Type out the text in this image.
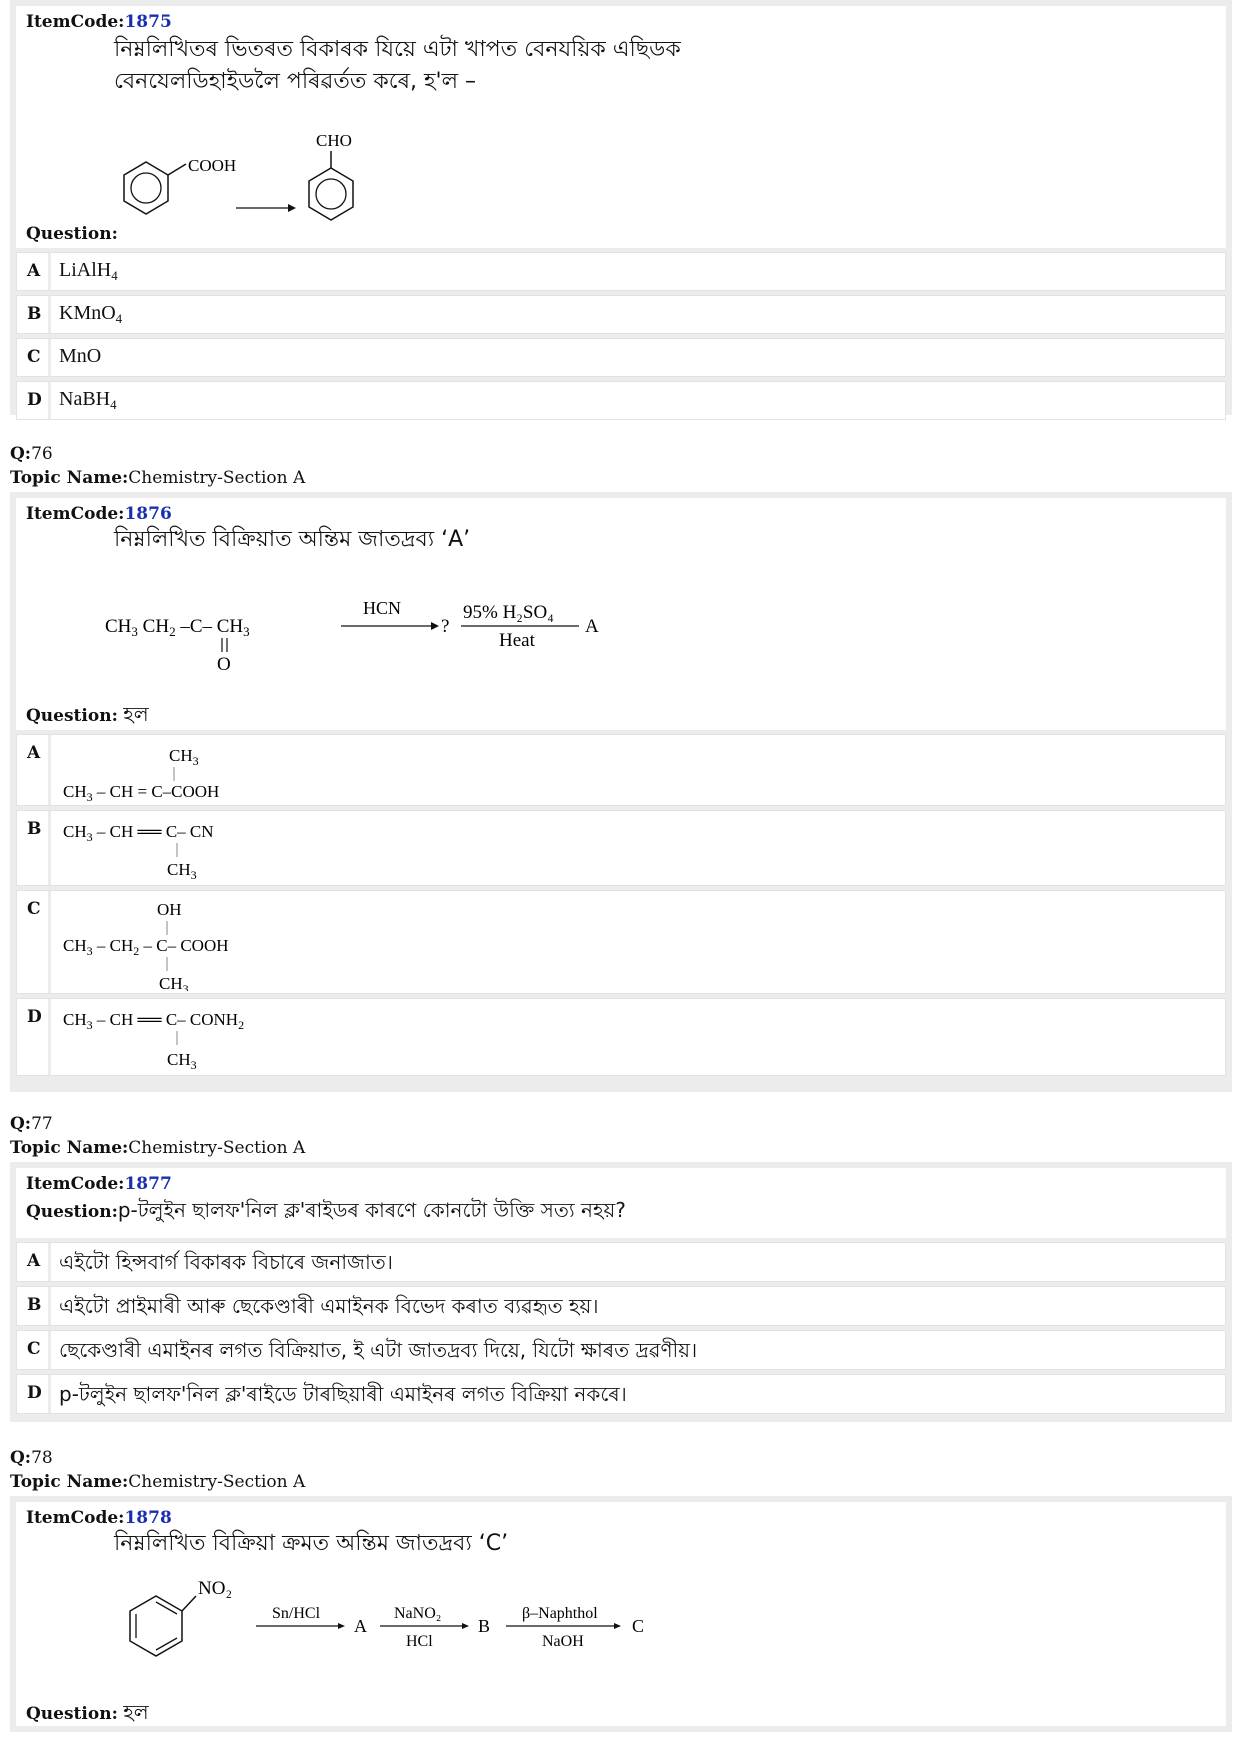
ItemCode:1875
নিম্নলিখিতৰ ভিতৰত বিকাৰক যিয়ে এটা খাপত বেনযয়িক এছিডক
বেনযেলডিহাইডলৈ পৰিৱৰ্তত কৰে, হ'ল –
COOH
CHO
Question:
A LiAlH$_4$
B KMnO$_4$
C MnO
D NaBH$_4$
Q:76
Topic Name:Chemistry-Section A
ItemCode:1876
নিম্নলিখিত বিক্ৰিয়াত অন্তিম জাতদ্ৰব্য ‘A’
$CH_3$ $CH_2$ –C– $CH_3$
O
HCN
?
95% H₂SO₄
Heat
A
Question: হল
A	$CH_3$
$CH_3$ – CH = C–COOH
B	$CH_3$ – CH ══ C– CN
$CH_3$
C	OH
$CH_3 - CH_2 - C-$ COOH
$CH_3$
D	$CH_3$ – CH ══ C– $CONH_2$
$CH_3$
Q:77
Topic Name:Chemistry-Section A
ItemCode:1877
Question:p-টলুইন ছালফ'নিল ক্ল'ৰাইডৰ কাৰণে কোনটো উক্তি সত্য নহয়?
A এইটো হিন্সবাৰ্গ বিকাৰক বিচাৰে জনাজাত।
B এইটো প্ৰাইমাৰী আৰু ছেকেণ্ডাৰী এমাইনক বিভেদ কৰাত ব্যৱহৃত হয়।
C ছেকেণ্ডাৰী এমাইনৰ লগত বিক্ৰিয়াত, ই এটা জাতদ্ৰব্য দিয়ে, যিটো ক্ষাৰত দ্ৰৱণীয়।
D p-টলুইন ছালফ'নিল ক্ল'ৰাইডে টাৰছিয়াৰী এমাইনৰ লগত বিক্ৰিয়া নকৰে।
Q:78
Topic Name:Chemistry-Section A
ItemCode:1878
নিম্নলিখিত বিক্ৰিয়া ক্ৰমত অন্তিম জাতদ্ৰব্য ‘C’
NO₂
Sn/HCl
A
NaNO₂
HCl
B
β–Naphthol
NaOH
C
Question: হল
